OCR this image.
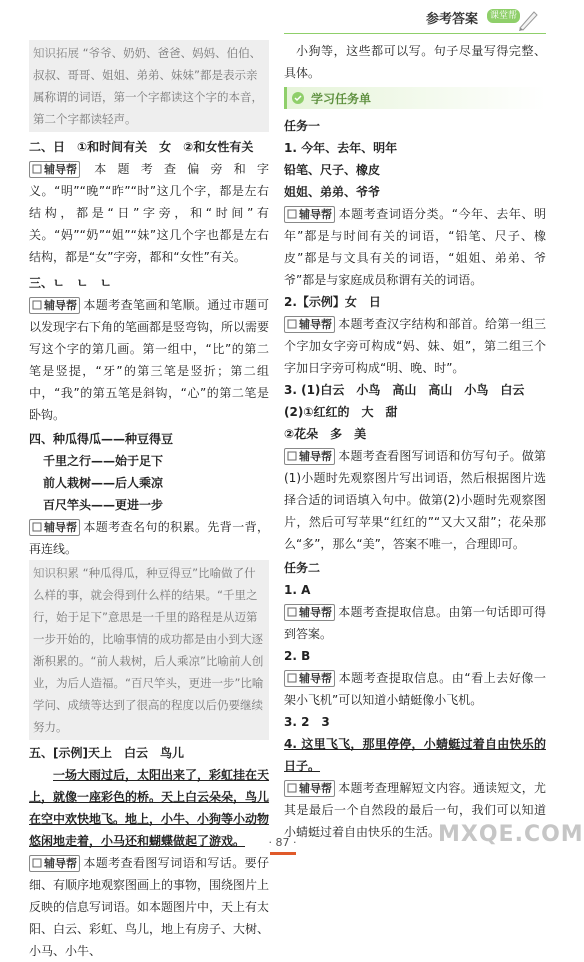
参考答案	课堂帮

知识拓展 “爷爷、奶奶、爸爸、妈妈、伯伯、叔叔、哥哥、姐姐、弟弟、妹妹”都是表示亲属称谓的词语，第一个字都读这个字的本音，第二个字都读轻声。

二、日　①和时间有关　女　②和女性有关

辅导帮 本题考查偏旁和字义。“明”“晚”“昨”“时”这几个字，都是左右结构，都是“日”字旁，和“时间”有关。“妈”“奶”“姐”“妹”这几个字也都是左右结构，都是“女”字旁，都和“女性”有关。

三、ㄴ　ㄴ　ㄴ

辅导帮 本题考查笔画和笔顺。通过市题可以发现字右下角的笔画都是竖弯钩，所以需要写这个字的第几画。第一组中，“比”的第二笔是竖提，“牙”的第三笔是竖折；第二组中，“我”的第五笔是斜钩，“心”的第二笔是卧钩。

四、种瓜得瓜——种豆得豆

千里之行——始于足下

前人栽树——后人乘凉

百尺竿头——更进一步

辅导帮 本题考查名句的积累。先背一背，再连线。

知识积累 “种瓜得瓜，种豆得豆”比喻做了什么样的事，就会得到什么样的结果。“千里之行，始于足下”意思是一千里的路程是从迈第一步开始的，比喻事情的成功都是由小到大逐渐积累的。“前人栽树，后人乘凉”比喻前人创业，为后人造福。“百尺竿头，更进一步”比喻学问、成绩等达到了很高的程度以后仍要继续努力。

五、[示例]天上　白云　鸟儿

一场大雨过后，太阳出来了，彩虹挂在天上，就像一座彩色的桥。天上白云朵朵，鸟儿在空中欢快地飞。地上，小牛、小狗等小动物悠闲地走着，小马还和蝴蝶做起了游戏。

辅导帮 本题考查看图写词语和写话。要仔细、有顺序地观察图画上的事物，围绕图片上反映的信息写词语。如本题图片中，天上有太阳、白云、彩虹、鸟儿，地上有房子、大树、小马、小牛、

小狗等，这些都可以写。句子尽量写得完整、具体。

学习任务单

任务一

1. 今年、去年、明年

铅笔、尺子、橡皮

姐姐、弟弟、爷爷

辅导帮 本题考查词语分类。“今年、去年、明年”都是与时间有关的词语，“铅笔、尺子、橡皮”都是与文具有关的词语，“姐姐、弟弟、爷爷”都是与家庭成员称谓有关的词语。

2.【示例】女　日

辅导帮 本题考查汉字结构和部首。给第一组三个字加女字旁可构成“妈、妹、姐”，第二组三个字加日字旁可构成“明、晚、时”。

3. (1)白云　小鸟　高山　高山　小鸟　白云

(2)①红红的　大　甜

②花朵　多　美

辅导帮 本题考查看图写词语和仿写句子。做第(1)小题时先观察图片写出词语，然后根据图片选择合适的词语填入句中。做第(2)小题时先观察图片，然后可写苹果“红红的”“又大又甜”；花朵那么“多”，那么“美”，答案不唯一，合理即可。

任务二

1. A

辅导帮 本题考查提取信息。由第一句话即可得到答案。

2. B

辅导帮 本题考查提取信息。由“看上去好像一架小飞机”可以知道小蜻蜓像小飞机。

3. 2　3

4. 这里飞飞，那里停停，小蜻蜓过着自由快乐的日子。

辅导帮 本题考查理解短文内容。通读短文，尤其是最后一个自然段的最后一句，我们可以知道小蜻蜓过着自由快乐的生活。

MXQE.COM
· 87 ·
